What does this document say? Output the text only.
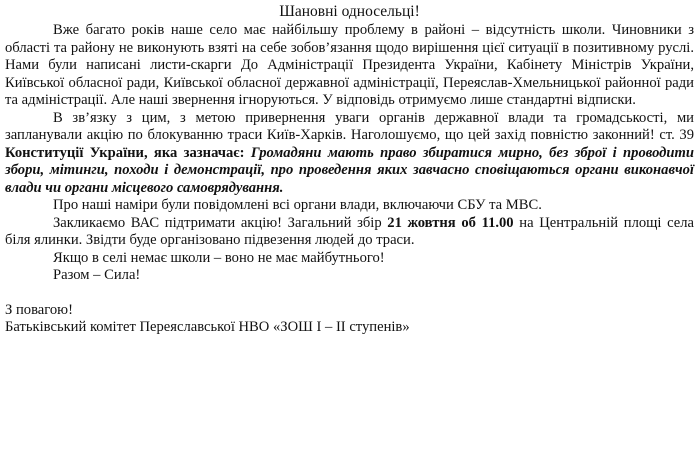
Шановні односельці!

Вже багато років наше село має найбільшу проблему в районі – відсутність школи. Чиновники з області та району не виконують взяті на себе зобов’язання щодо вирішення цієї ситуації в позитивному руслі. Нами були написані листи-скарги До Адміністрації Президента України, Кабінету Міністрів України, Київської обласної ради, Київської обласної державної адміністрації, Переяслав-Хмельницької районної ради та адміністрації. Але наші звернення ігноруються. У відповідь отримуємо лише стандартні відписки.

В зв’язку з цим, з метою привернення уваги органів державної влади та громадськості, ми запланували акцію по блокуванню траси Київ-Харків. Наголошуємо, що цей захід повністю законний! ст. 39 Конституції України, яка зазначає: Громадяни мають право збиратися мирно, без зброї і проводити збори, мітинги, походи і демонстрації, про проведення яких завчасно сповіщаються органи виконавчої влади чи органи місцевого самоврядування.

Про наші наміри були повідомлені всі органи влади, включаючи СБУ та МВС.

Закликаємо ВАС підтримати акцію! Загальний збір 21 жовтня об 11.00 на Центральній площі села біля ялинки. Звідти буде організовано підвезення людей до траси.

Якщо в селі немає школи – воно не має майбутнього!

Разом – Сила!

З повагою!

Батьківський комітет Переяславської НВО «ЗОШ І – ІІ ступенів»
